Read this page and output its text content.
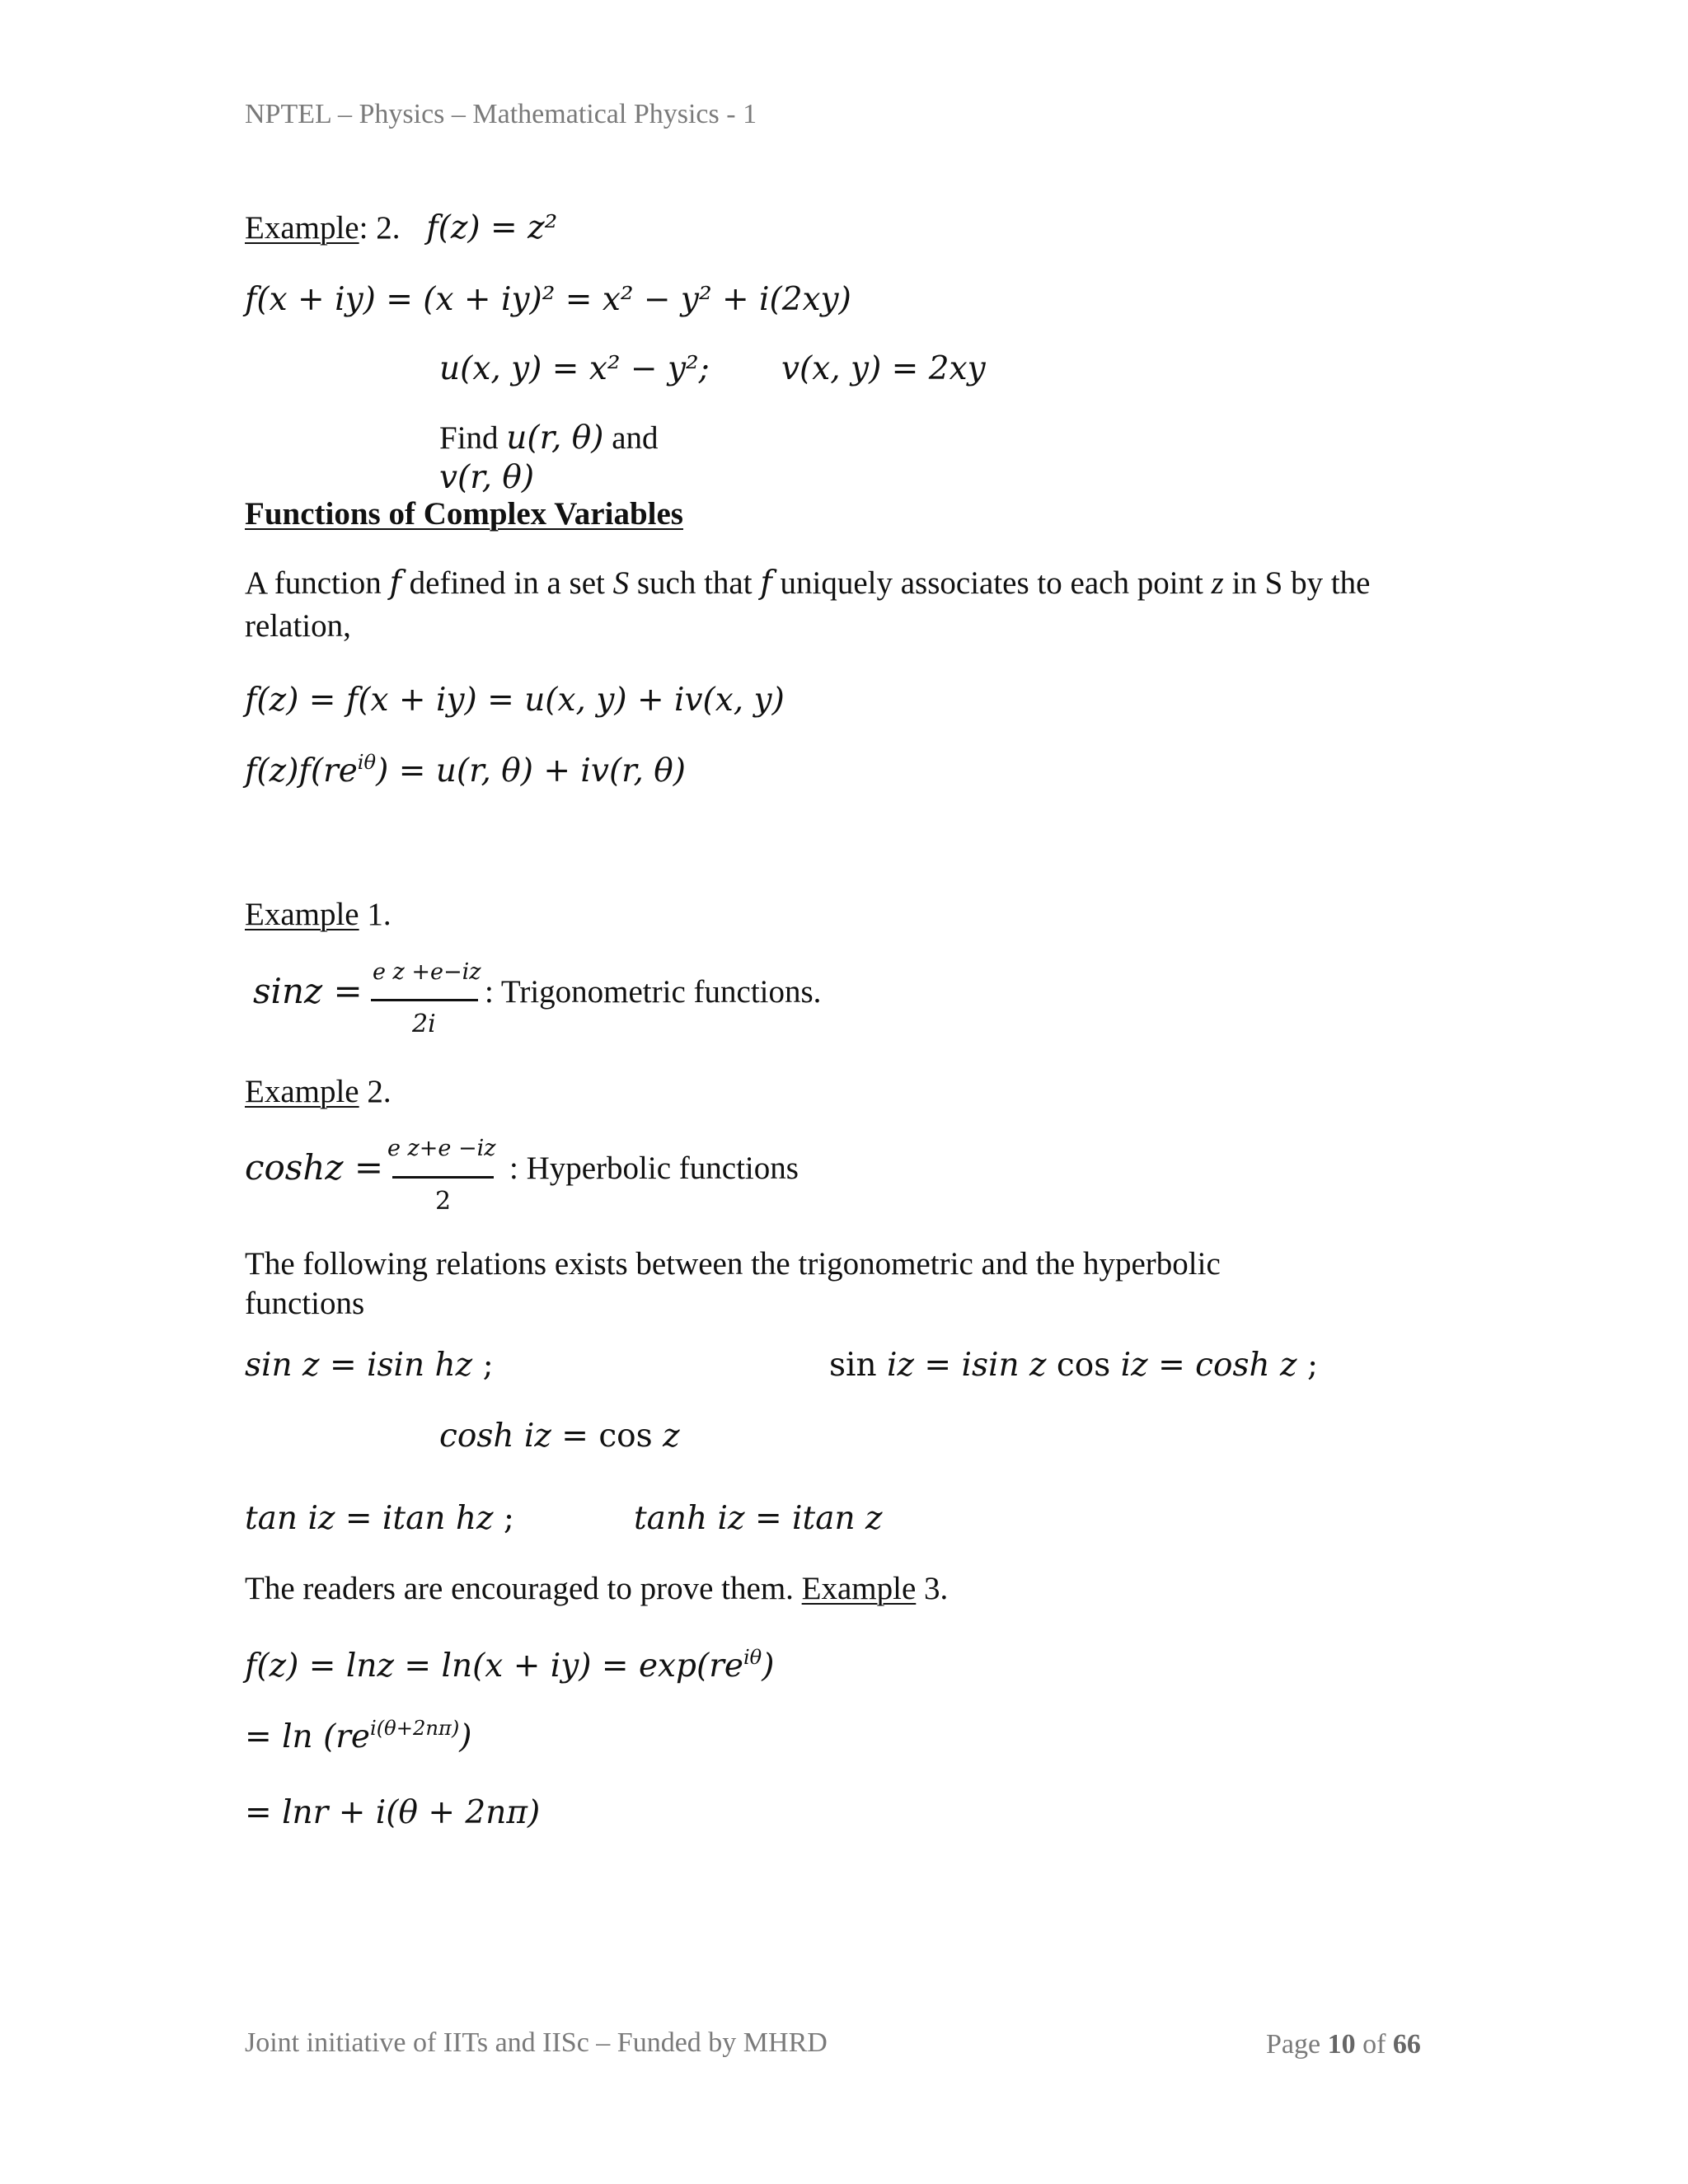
NPTEL – Physics – Mathematical Physics - 1
Example: 2. f(z) = z²
f(x + iy) = (x + iy)² = x² − y² + i(2xy)
u(x, y) = x² − y²; v(x, y) = 2xy
Find u(r, θ) and
v(r, θ)
Functions of Complex Variables
A function f defined in a set S such that f uniquely associates to each point z in S by the
relation,
f(z) = f(x + iy) = u(x, y) + iv(x, y)
$f(z)f(re^{i\theta}) = u(r$, θ) + iv(r, θ)
Example 1.
sinz = e z +e−iz
2i
: Trigonometric functions.
Example 2.
coshz = e z+e −iz
2
: Hyperbolic functions
The following relations exists between the trigonometric and the hyperbolic
functions
sin z = isin hz ;	sin iz = isin z cos iz = cosh z ;
cosh iz = cos z
tan iz = itan hz ;	tanh iz = itan z
The readers are encouraged to prove them. Example 3.
$f(z) = \ln z = \ln(x + iy) = \exp(re^{i\theta})$
= $\ln (re^{i(\theta+2n\pi)})$
= lnr + i(θ + 2nπ)
Joint initiative of IITs and IISc – Funded by MHRD	Page 10 of 66
